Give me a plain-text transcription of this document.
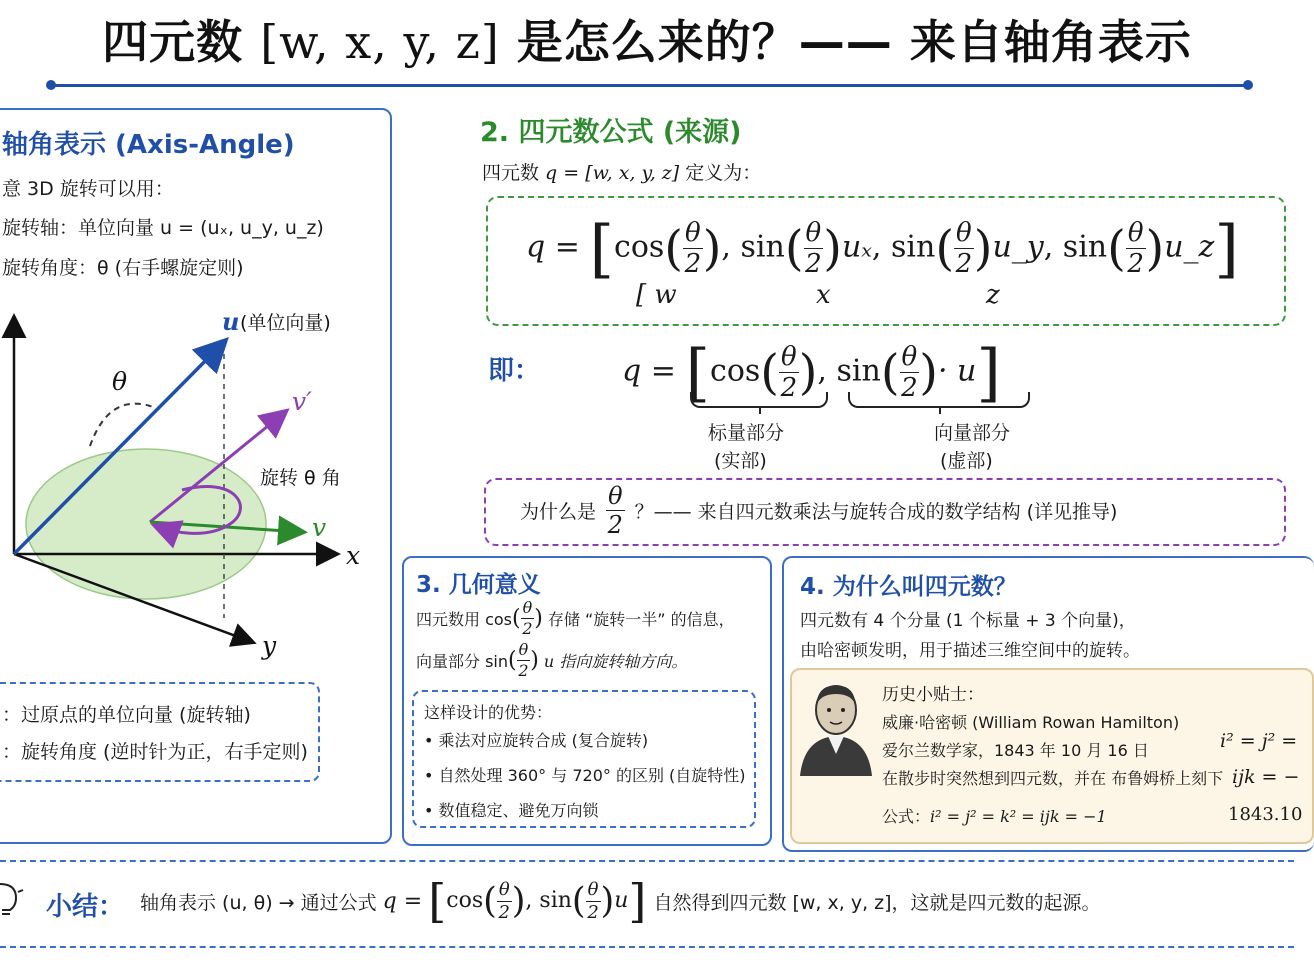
四元数 [w, x, y, z] 是怎么来的？—— 来自轴角表示
轴角表示 (Axis-Angle)
意 3D 旋转可以用：
旋转轴：单位向量 u = (uₓ, u_y, u_z)
旋转角度：θ (右手螺旋定则)
u (单位向量)
θ
v′
v
旋转 θ 角
x
y
：过原点的单位向量 (旋转轴)
：旋转角度 (逆时针为正，右手定则)
2. 四元数公式 (来源)
四元数 q = [w, x, y, z] 定义为：
$q = [\cos( \frac{\theta}{2}$ ), $\sin( \frac{\theta}{2} )u_x$, $\sin( \frac{\theta}{2}$ )u_y, $\sin( \frac{\theta}{2}$ )u_z]
[ w	x	z
即：	$q = [\cos( \frac{\theta}{2}$ ), $\sin( \frac{\theta}{2}$ )· u]
标量部分
(实部)
向量部分
(虚部)
为什么是 $\frac{\theta}{2}$ ？—— 来自四元数乘法与旋转合成的数学结构 (详见推导)
3. 几何意义
四元数用 $\cos( \frac{\theta}{2}$ ) 存储 “旋转一半” 的信息，
向量部分 $\sin( \frac{\theta}{2}$ ) u 指向旋转轴方向。
这样设计的优势：
• 乘法对应旋转合成 (复合旋转)
• 自然处理 360° 与 720° 的区别 (自旋特性)
• 数值稳定、避免万向锁
4. 为什么叫四元数？
四元数有 4 个分量 (1 个标量 + 3 个向量)，
由哈密顿发明，用于描述三维空间中的旋转。
历史小贴士：
威廉·哈密顿 (William Rowan Hamilton)
爱尔兰数学家，1843 年 10 月 16 日
在散步时突然想到四元数，并在 布鲁姆桥上刻下
公式：i² = j² = k² = ijk = −1
i² = j² =
ijk = −
1843.10
小结： 轴角表示 (u, θ) → 通过公式 $q = [\cos( \frac{\theta}{2}$ ), $\sin( \frac{\theta}{2} )u$] 自然得到四元数 [w, x, y, z]，这就是四元数的起源。
